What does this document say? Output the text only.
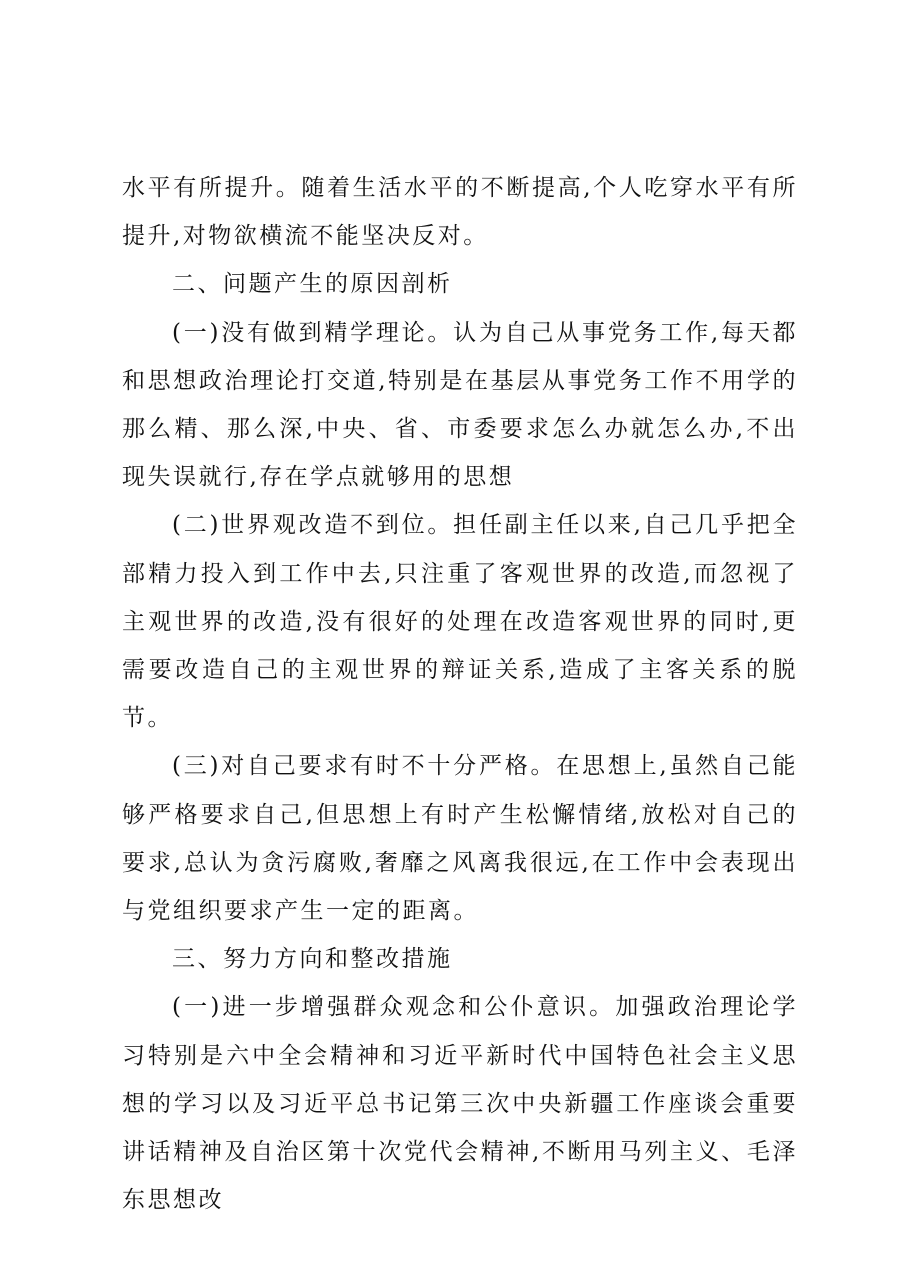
水平有所提升。随着生活水平的不断提高,个人吃穿水平有所提升,对物欲横流不能坚决反对。

二、问题产生的原因剖析

(一)没有做到精学理论。认为自己从事党务工作,每天都和思想政治理论打交道,特别是在基层从事党务工作不用学的那么精、那么深,中央、省、市委要求怎么办就怎么办,不出现失误就行,存在学点就够用的思想

(二)世界观改造不到位。担任副主任以来,自己几乎把全部精力投入到工作中去,只注重了客观世界的改造,而忽视了主观世界的改造,没有很好的处理在改造客观世界的同时,更需要改造自己的主观世界的辩证关系,造成了主客关系的脱节。

(三)对自己要求有时不十分严格。在思想上,虽然自己能够严格要求自己,但思想上有时产生松懈情绪,放松对自己的要求,总认为贪污腐败,奢靡之风离我很远,在工作中会表现出与党组织要求产生一定的距离。

三、努力方向和整改措施

(一)进一步增强群众观念和公仆意识。加强政治理论学习特别是六中全会精神和习近平新时代中国特色社会主义思想的学习以及习近平总书记第三次中央新疆工作座谈会重要讲话精神及自治区第十次党代会精神,不断用马列主义、毛泽东思想改
